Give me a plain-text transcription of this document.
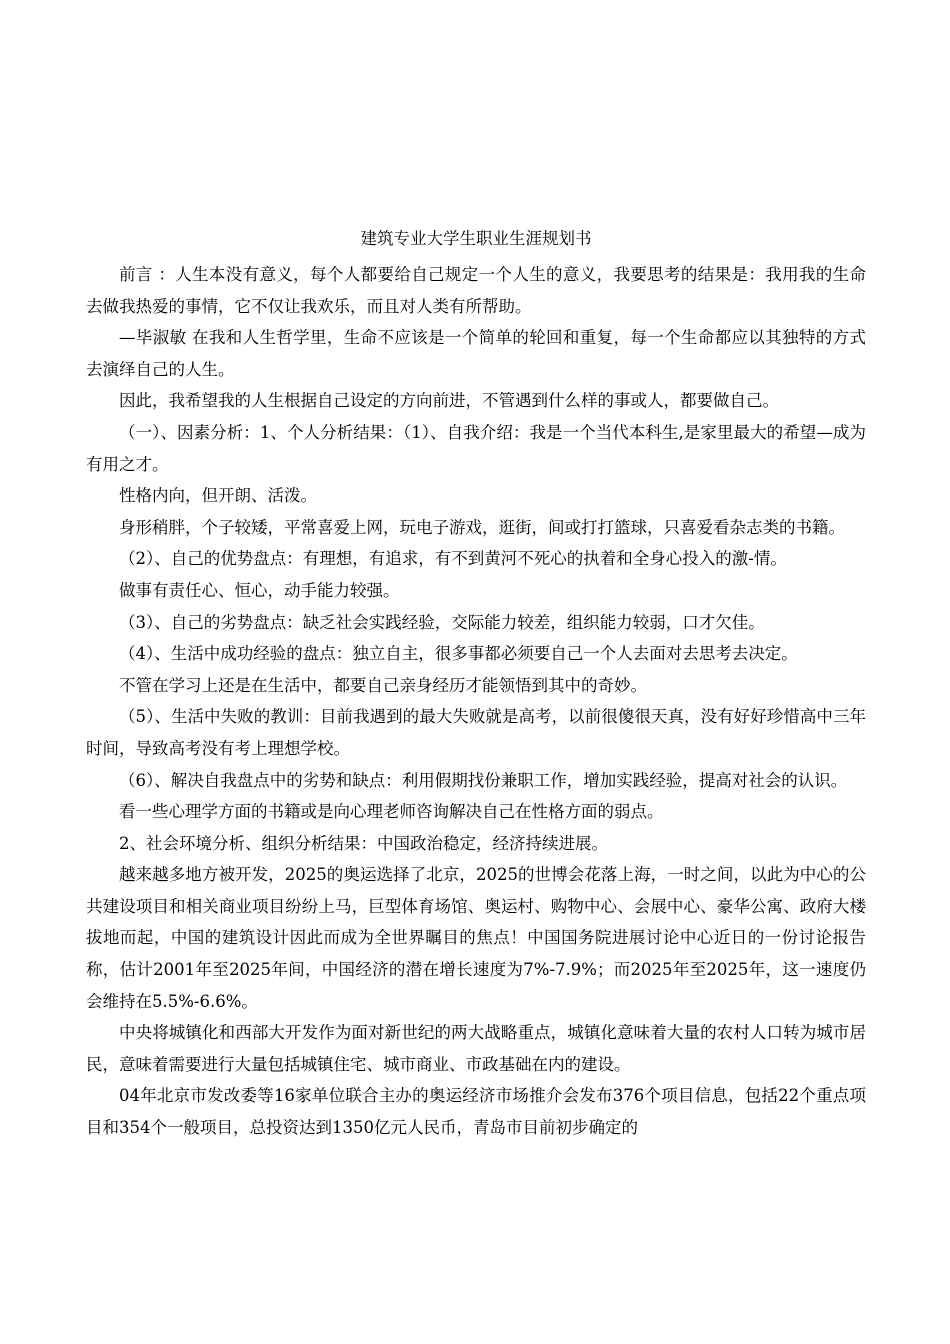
建筑专业大学生职业生涯规划书

前言 ：人生本没有意义，每个人都要给自己规定一个人生的意义，我要思考的结果是：我用我的生命去做我热爱的事情，它不仅让我欢乐，而且对人类有所帮助。

—毕淑敏 在我和人生哲学里，生命不应该是一个简单的轮回和重复，每一个生命都应以其独特的方式去演绎自己的人生。

因此，我希望我的人生根据自己设定的方向前进，不管遇到什么样的事或人，都要做自己。

（一）、因素分析：1、个人分析结果：（1）、自我介绍：我是一个当代本科生,是家里最大的希望—成为有用之才。

性格内向，但开朗、活泼。

身形稍胖，个子较矮，平常喜爱上网，玩电子游戏，逛街，间或打打篮球，只喜爱看杂志类的书籍。

（2）、自己的优势盘点：有理想，有追求，有不到黄河不死心的执着和全身心投入的激-情。

做事有责任心、恒心，动手能力较强。

（3）、自己的劣势盘点：缺乏社会实践经验，交际能力较差，组织能力较弱，口才欠佳。

（4）、生活中成功经验的盘点：独立自主，很多事都必须要自己一个人去面对去思考去决定。

不管在学习上还是在生活中，都要自己亲身经历才能领悟到其中的奇妙。

（5）、生活中失败的教训：目前我遇到的最大失败就是高考，以前很傻很天真，没有好好珍惜高中三年时间，导致高考没有考上理想学校。

（6）、解决自我盘点中的劣势和缺点：利用假期找份兼职工作，增加实践经验，提高对社会的认识。

看一些心理学方面的书籍或是向心理老师咨询解决自己在性格方面的弱点。

2、社会环境分析、组织分析结果：中国政治稳定，经济持续进展。

越来越多地方被开发，2025的奥运选择了北京，2025的世博会花落上海，一时之间，以此为中心的公共建设项目和相关商业项目纷纷上马，巨型体育场馆、奥运村、购物中心、会展中心、豪华公寓、政府大楼拔地而起，中国的建筑设计因此而成为全世界瞩目的焦点！中国国务院进展讨论中心近日的一份讨论报告称，估计2001年至2025年间，中国经济的潜在增长速度为7%-7.9%；而2025年至2025年，这一速度仍会维持在5.5%-6.6%。

中央将城镇化和西部大开发作为面对新世纪的两大战略重点，城镇化意味着大量的农村人口转为城市居民，意味着需要进行大量包括城镇住宅、城市商业、市政基础在内的建设。

04年北京市发改委等16家单位联合主办的奥运经济市场推介会发布376个项目信息，包括22个重点项目和354个一般项目，总投资达到1350亿元人民币，青岛市目前初步确定的
